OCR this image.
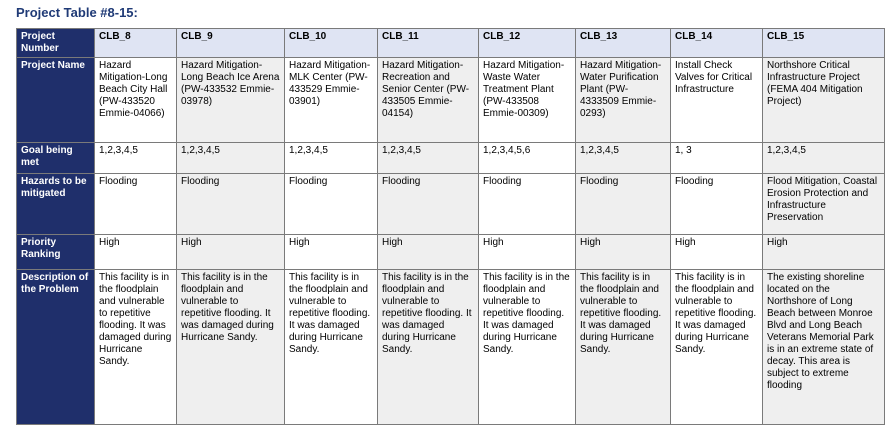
Project Table #8-15:
Project Number	CLB_8	CLB_9	CLB_10	CLB_11	CLB_12	CLB_13	CLB_14	CLB_15
Project Name	Hazard Mitigation-Long Beach City Hall (PW-433520 Emmie-04066)	Hazard Mitigation-Long Beach Ice Arena (PW-433532 Emmie-03978)	Hazard Mitigation-MLK Center (PW-433529 Emmie-03901)	Hazard Mitigation-Recreation and Senior Center (PW-433505 Emmie-04154)	Hazard Mitigation-Waste Water Treatment Plant (PW-433508 Emmie-00309)	Hazard Mitigation-Water Purification Plant (PW-4333509 Emmie-0293)	Install Check Valves for Critical Infrastructure	Northshore Critical Infrastructure Project (FEMA 404 Mitigation Project)
Goal being met	1,2,3,4,5	1,2,3,4,5	1,2,3,4,5	1,2,3,4,5	1,2,3,4,5,6	1,2,3,4,5	1, 3	1,2,3,4,5
Hazards to be mitigated	Flooding	Flooding	Flooding	Flooding	Flooding	Flooding	Flooding	Flood Mitigation, Coastal Erosion Protection and Infrastructure Preservation
Priority Ranking	High	High	High	High	High	High	High	High
Description of the Problem	This facility is in the floodplain and vulnerable to repetitive flooding. It was damaged during Hurricane Sandy.	This facility is in the floodplain and vulnerable to repetitive flooding. It was damaged during Hurricane Sandy.	This facility is in the floodplain and vulnerable to repetitive flooding. It was damaged during Hurricane Sandy.	This facility is in the floodplain and vulnerable to repetitive flooding. It was damaged during Hurricane Sandy.	This facility is in the floodplain and vulnerable to repetitive flooding. It was damaged during Hurricane Sandy.	This facility is in the floodplain and vulnerable to repetitive flooding. It was damaged during Hurricane Sandy.	This facility is in the floodplain and vulnerable to repetitive flooding. It was damaged during Hurricane Sandy.	The existing shoreline located on the Northshore of Long Beach between Monroe Blvd and Long Beach Veterans Memorial Park is in an extreme state of decay. This area is subject to extreme flooding
